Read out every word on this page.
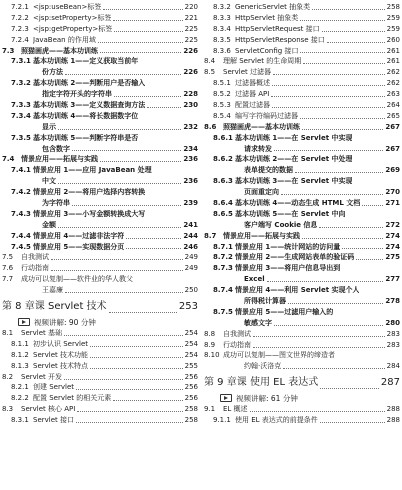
7.2.1 <jsp:useBean>标签	220
7.2.2 <jsp:setProperty>标签	221
7.2.3 <jsp:getProperty>标签	225
7.2.4 JavaBean 的作用域	225
7.3 照猫画虎——基本功训练	226
7.3.1 基本功训练 1——定义获取当前年
份方法	226
7.3.2 基本功训练 2——判断用户是否输入
指定字符开头的字符串	228
7.3.3 基本功训练 3——定义数据查询方法	230
7.3.4 基本功训练 4——将长数据数字位
显示	232
7.3.5 基本功训练 5——判断字符串是否
包含数字	234
7.4 情景应用——拓展与实践	236
7.4.1 情景应用 1——应用 JavaBean 处理
中文	236
7.4.2 情景应用 2——将用户选择内容转换
为字符串	239
7.4.3 情景应用 3——小写金额转换成大写
金额	241
7.4.4 情景应用 4——过滤非法字符	244
7.4.5 情景应用 5——实现数据分页	246
7.5	自我测试	249
7.6	行动指南	249
7.7	成功可以复制——软件业的华人教父
王嘉廉	250
第 8 章课 Servlet 技术	253
视频讲解: 90 分钟
8.1	Servlet 基础	254
8.1.1 初步认识 Servlet	254
8.1.2 Servlet 技术功能	254
8.1.3 Servlet 技术特点	255
8.2	Servlet 开发	256
8.2.1 创建 Servlet	256
8.2.2 配置 Servlet 的相关元素	256
8.3	Servlet 核心 API	258
8.3.1 Servlet 接口	258
8.3.2 GenericServlet 抽象类	258
8.3.3 HttpServlet 抽象类	259
8.3.4 HttpServletRequest 接口	259
8.3.5 HttpServletResponse 接口	260
8.3.6 ServletConfig 接口	261
8.4	理解 Servlet 的生命周期	261
8.5	Servlet 过滤器	262
8.5.1 过滤器概述	262
8.5.2 过滤器 API	263
8.5.3 配置过滤器	264
8.5.4 编写字符编码过滤器	265
8.6 照猫画虎——基本功训练	267
8.6.1 基本功训练 1——在 Servlet 中实现
请求转发	267
8.6.2 基本功训练 2——在 Servlet 中处理
表单提交的数据	269
8.6.3 基本功训练 3——在 Servlet 中实现
页面重定向	270
8.6.4 基本功训练 4——动态生成 HTML 文档	271
8.6.5 基本功训练 5——在 Servlet 中向
客户端写 Cookie 信息	272
8.7 情景应用——拓展与实践	274
8.7.1 情景应用 1——统计网站的访问量	274
8.7.2 情景应用 2——生成网站表单的验证码	275
8.7.3 情景应用 3——将用户信息导出到
Excel	277
8.7.4 情景应用 4——利用 Servlet 实现个人
所得税计算器	278
8.7.5 情景应用 5——过滤用户输入的
敏感文字	280
8.8	自我测试	283
8.9	行动指南	283
8.10 成功可以复制——图文世界的缔造者
约翰·沃洛克	284
第 9 章课 使用 EL 表达式	287
视频讲解: 61 分钟
9.1	EL 概述	288
9.1.1 使用 EL 表达式的前提条件	288
